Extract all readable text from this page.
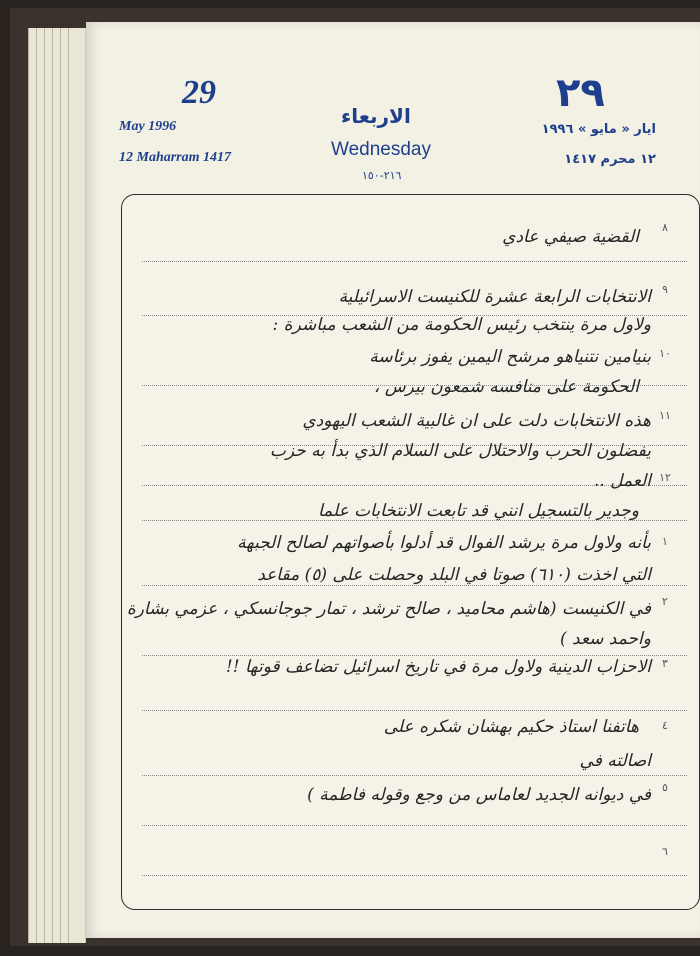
29
May 1996
12 Maharram 1417
الاربعاء
Wednesday
٢١٦-١٥٠
٢٩
ايار « مايو » ١٩٩٦
١٢ محرم ١٤١٧
٨
٩
١٠
١١
١٢
١
٢
٣
٤
٥
٦
القضية صيفي عادي
الانتخابات الرابعة عشرة للكنيست الاسرائيلية
ولاول مرة ينتخب رئيس الحكومة من الشعب مباشرة :
بنيامين نتنياهو مرشح اليمين يفوز برئاسة
الحكومة على منافسه شمعون بيرس ،
هذه الانتخابات دلت على ان غالبية الشعب اليهودي
يفضلون الحرب والاحتلال على السلام الذي بدأ به حزب
العمل ..
وجدير بالتسجيل انني قد تابعت الانتخابات علما
بأنه ولاول مرة يرشد الفوال قد أدلوا بأصواتهم لصالح الجبهة
التي اخذت (٦١٠) صوتا في البلد وحصلت على (٥) مقاعد
في الكنيست (هاشم محاميد ، صالح ترشد ، تمار جوجانسكي ، عزمي بشارة
واحمد سعد )
الاحزاب الدينية ولاول مرة في تاريخ اسرائيل تضاعف قوتها !!
هاتفنا استاذ حكيم بهشان شكره على
اصالته في
في ديوانه الجديد لعاماس من وجع وقوله فاطمة )
